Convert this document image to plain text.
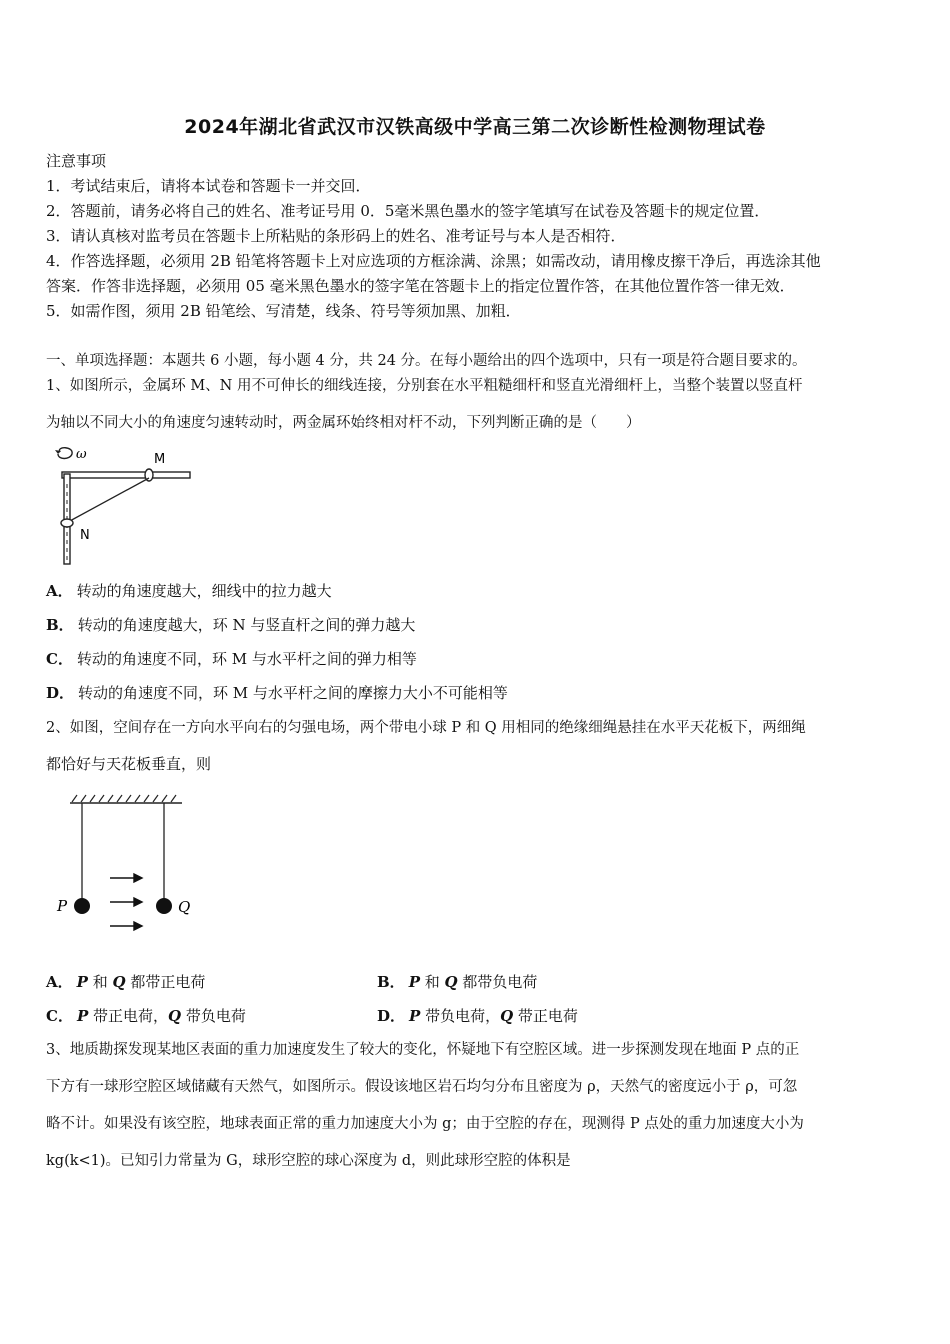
2024年湖北省武汉市汉铁高级中学高三第二次诊断性检测物理试卷
注意事项
1．考试结束后，请将本试卷和答题卡一并交回．
2．答题前，请务必将自己的姓名、准考证号用 0．5毫米黑色墨水的签字笔填写在试卷及答题卡的规定位置．
3．请认真核对监考员在答题卡上所粘贴的条形码上的姓名、准考证号与本人是否相符．
4．作答选择题，必须用 2B 铅笔将答题卡上对应选项的方框涂满、涂黑；如需改动，请用橡皮擦干净后，再选涂其他
答案．作答非选择题，必须用 05 毫米黑色墨水的签字笔在答题卡上的指定位置作答，在其他位置作答一律无效．
5．如需作图，须用 2B 铅笔绘、写清楚，线条、符号等须加黑、加粗．
一、单项选择题：本题共 6 小题，每小题 4 分，共 24 分。在每小题给出的四个选项中，只有一项是符合题目要求的。
1、如图所示，金属环 M、N 用不可伸长的细线连接，分别套在水平粗糙细杆和竖直光滑细杆上，当整个装置以竖直杆
为轴以不同大小的角速度匀速转动时，两金属环始终相对杆不动，下列判断正确的是（　　）
ω	M
N
A． 转动的角速度越大，细线中的拉力越大
B． 转动的角速度越大，环 N 与竖直杆之间的弹力越大
C． 转动的角速度不同，环 M 与水平杆之间的弹力相等
D． 转动的角速度不同，环 M 与水平杆之间的摩擦力大小不可能相等
2、如图，空间存在一方向水平向右的匀强电场，两个带电小球 P 和 Q 用相同的绝缘细绳悬挂在水平天花板下，两细绳
都恰好与天花板垂直，则
P	Q
A． P 和 Q 都带正电荷	B． P 和 Q 都带负电荷
C． P 带正电荷，Q 带负电荷	D． P 带负电荷，Q 带正电荷
3、地质勘探发现某地区表面的重力加速度发生了较大的变化，怀疑地下有空腔区域。进一步探测发现在地面 P 点的正
下方有一球形空腔区域储藏有天然气，如图所示。假设该地区岩石均匀分布且密度为 ρ，天然气的密度远小于 ρ，可忽
略不计。如果没有该空腔，地球表面正常的重力加速度大小为 g；由于空腔的存在，现测得 P 点处的重力加速度大小为
kg(k<1)。已知引力常量为 G，球形空腔的球心深度为 d，则此球形空腔的体积是
